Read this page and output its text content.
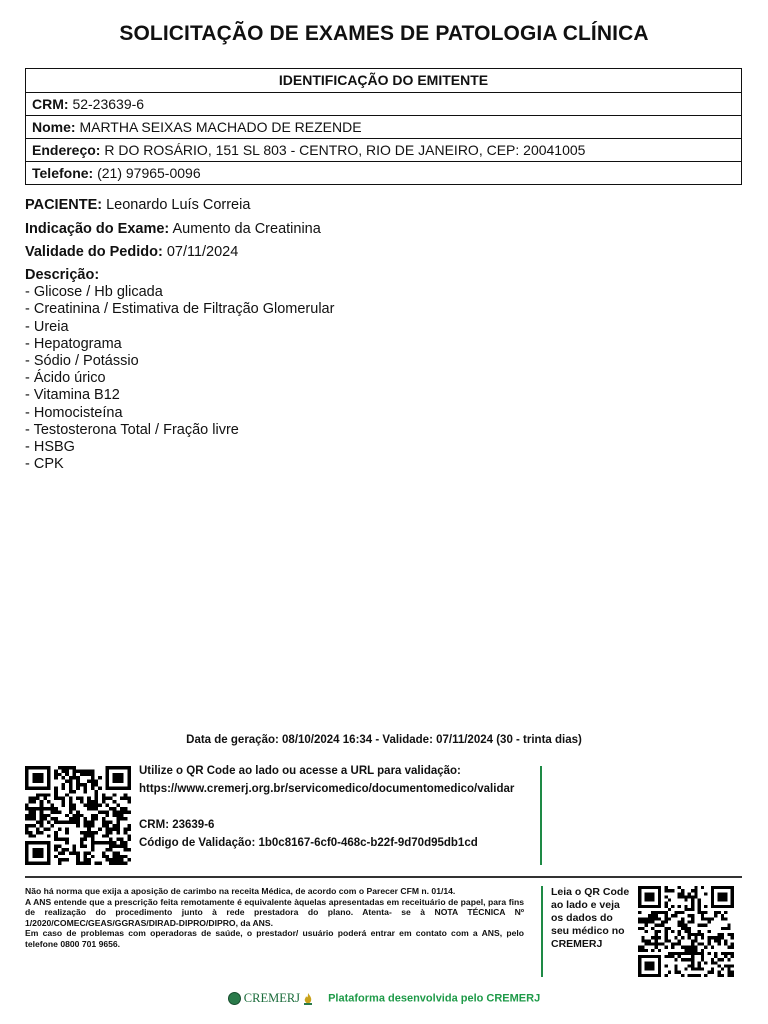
SOLICITAÇÃO DE EXAMES DE PATOLOGIA CLÍNICA
IDENTIFICAÇÃO DO EMITENTE
CRM: 52-23639-6
Nome: MARTHA SEIXAS MACHADO DE REZENDE
Endereço: R DO ROSÁRIO, 151 SL 803 - CENTRO, RIO DE JANEIRO, CEP: 20041005
Telefone: (21) 97965-0096
PACIENTE: Leonardo Luís Correia
Indicação do Exame: Aumento da Creatinina
Validade do Pedido: 07/11/2024
Descrição:
- Glicose / Hb glicada
- Creatinina / Estimativa de Filtração Glomerular
- Ureia
- Hepatograma
- Sódio / Potássio
- Ácido úrico
- Vitamina B12
- Homocisteína
- Testosterona Total / Fração livre
- HSBG
- CPK
Data de geração: 08/10/2024 16:34 - Validade: 07/11/2024 (30 - trinta dias)
Utilize o QR Code ao lado ou acesse a URL para validação:
https://www.cremerj.org.br/servicomedico/documentomedico/validar
CRM: 23639-6
Código de Validação: 1b0c8167-6cf0-468c-b22f-9d70d95db1cd

Não há norma que exija a aposição de carimbo na receita Médica, de acordo com o Parecer CFM n. 01/14.

A ANS entende que a prescrição feita remotamente é equivalente àquelas apresentadas em receituário de papel, para fins de realização do procedimento junto à rede prestadora do plano. Atenta- se à NOTA TÉCNICA Nº 1/2020/COMEC/GEAS/GGRAS/DIRAD-DIPRO/DIPRO, da ANS.

Em caso de problemas com operadoras de saúde, o prestador/ usuário poderá entrar em contato com a ANS, pelo telefone 0800 701 9656.

Leia o QR Code ao lado e veja os dados do seu médico no CREMERJ
CREMERJ	Plataforma desenvolvida pelo CREMERJ
